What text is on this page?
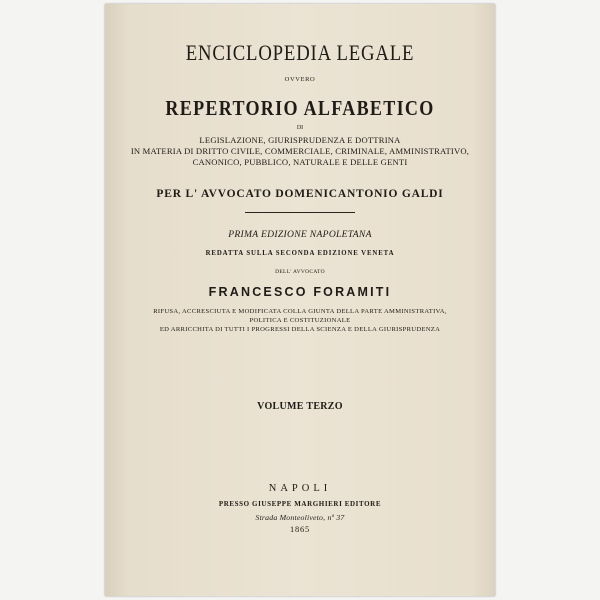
ENCICLOPEDIA LEGALE
OVVERO
REPERTORIO ALFABETICO
DI
LEGISLAZIONE, GIURISPRUDENZA E DOTTRINA
IN MATERIA DI DRITTO CIVILE, COMMERCIALE, CRIMINALE, AMMINISTRATIVO,
CANONICO, PUBBLICO, NATURALE E DELLE GENTI
PER L' AVVOCATO DOMENICANTONIO GALDI
PRIMA EDIZIONE NAPOLETANA
REDATTA SULLA SECONDA EDIZIONE VENETA
DELL' AVVOCATO
FRANCESCO FORAMITI
RIFUSA, ACCRESCIUTA E MODIFICATA COLLA GIUNTA DELLA PARTE AMMINISTRATIVA,
POLITICA E COSTITUZIONALE
ED ARRICCHITA DI TUTTI I PROGRESSI DELLA SCIENZA E DELLA GIURISPRUDENZA
VOLUME TERZO
NAPOLI
PRESSO GIUSEPPE MARGHIERI EDITORE
Strada Monteoliveto, nº 37
1865
